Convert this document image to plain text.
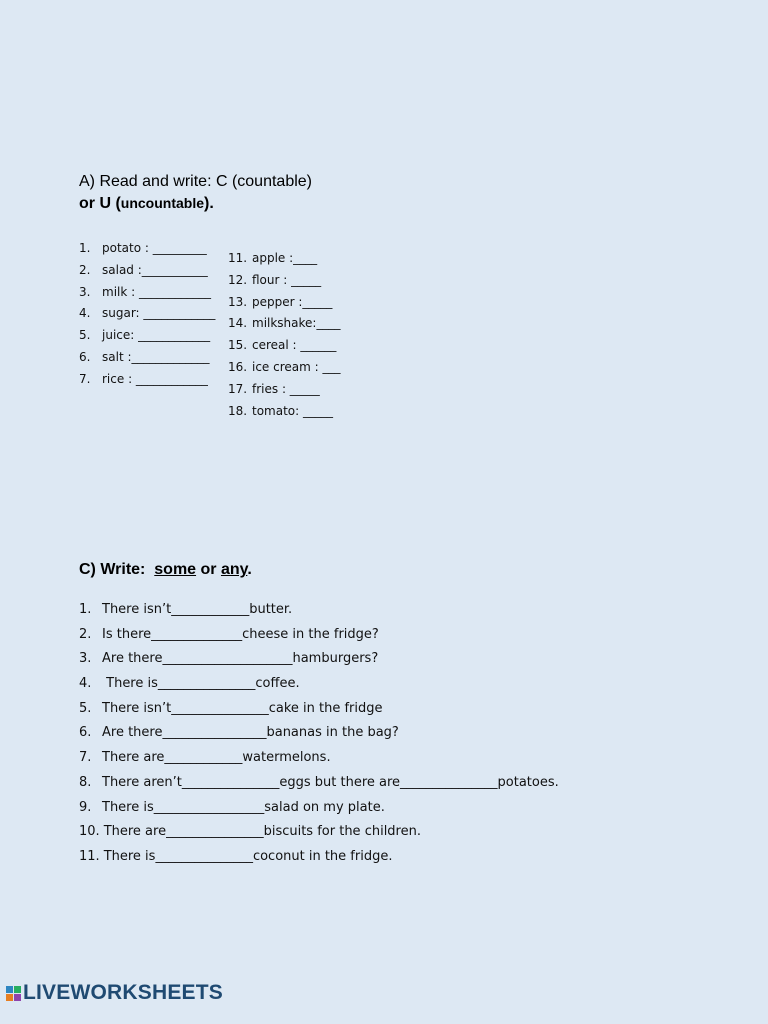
A) Read and write: C (countable)
or U (uncountable).
1. potato : _________
2. salad :___________
3. milk : ____________
4. sugar: ____________
5. juice: ____________
6. salt :_____________
7. rice : ____________
11. apple :____
12. flour : _____
13. pepper :_____
14. milkshake:____
15. cereal : ______
16. ice cream : ___
17. fries : _____
18. tomato: _____
C) Write: some or any.
1. There isn’t____________butter.
2. Is there______________cheese in the fridge?
3. Are there____________________hamburgers?
4. There is_______________coffee.
5. There isn’t_______________cake in the fridge
6. Are there________________bananas in the bag?
7. There are____________watermelons.
8. There aren’t_______________eggs but there are_______________potatoes.
9. There is_________________salad on my plate.
10. There are_______________biscuits for the children.
11. There is_______________coconut in the fridge.
LIVEWORKSHEETS
